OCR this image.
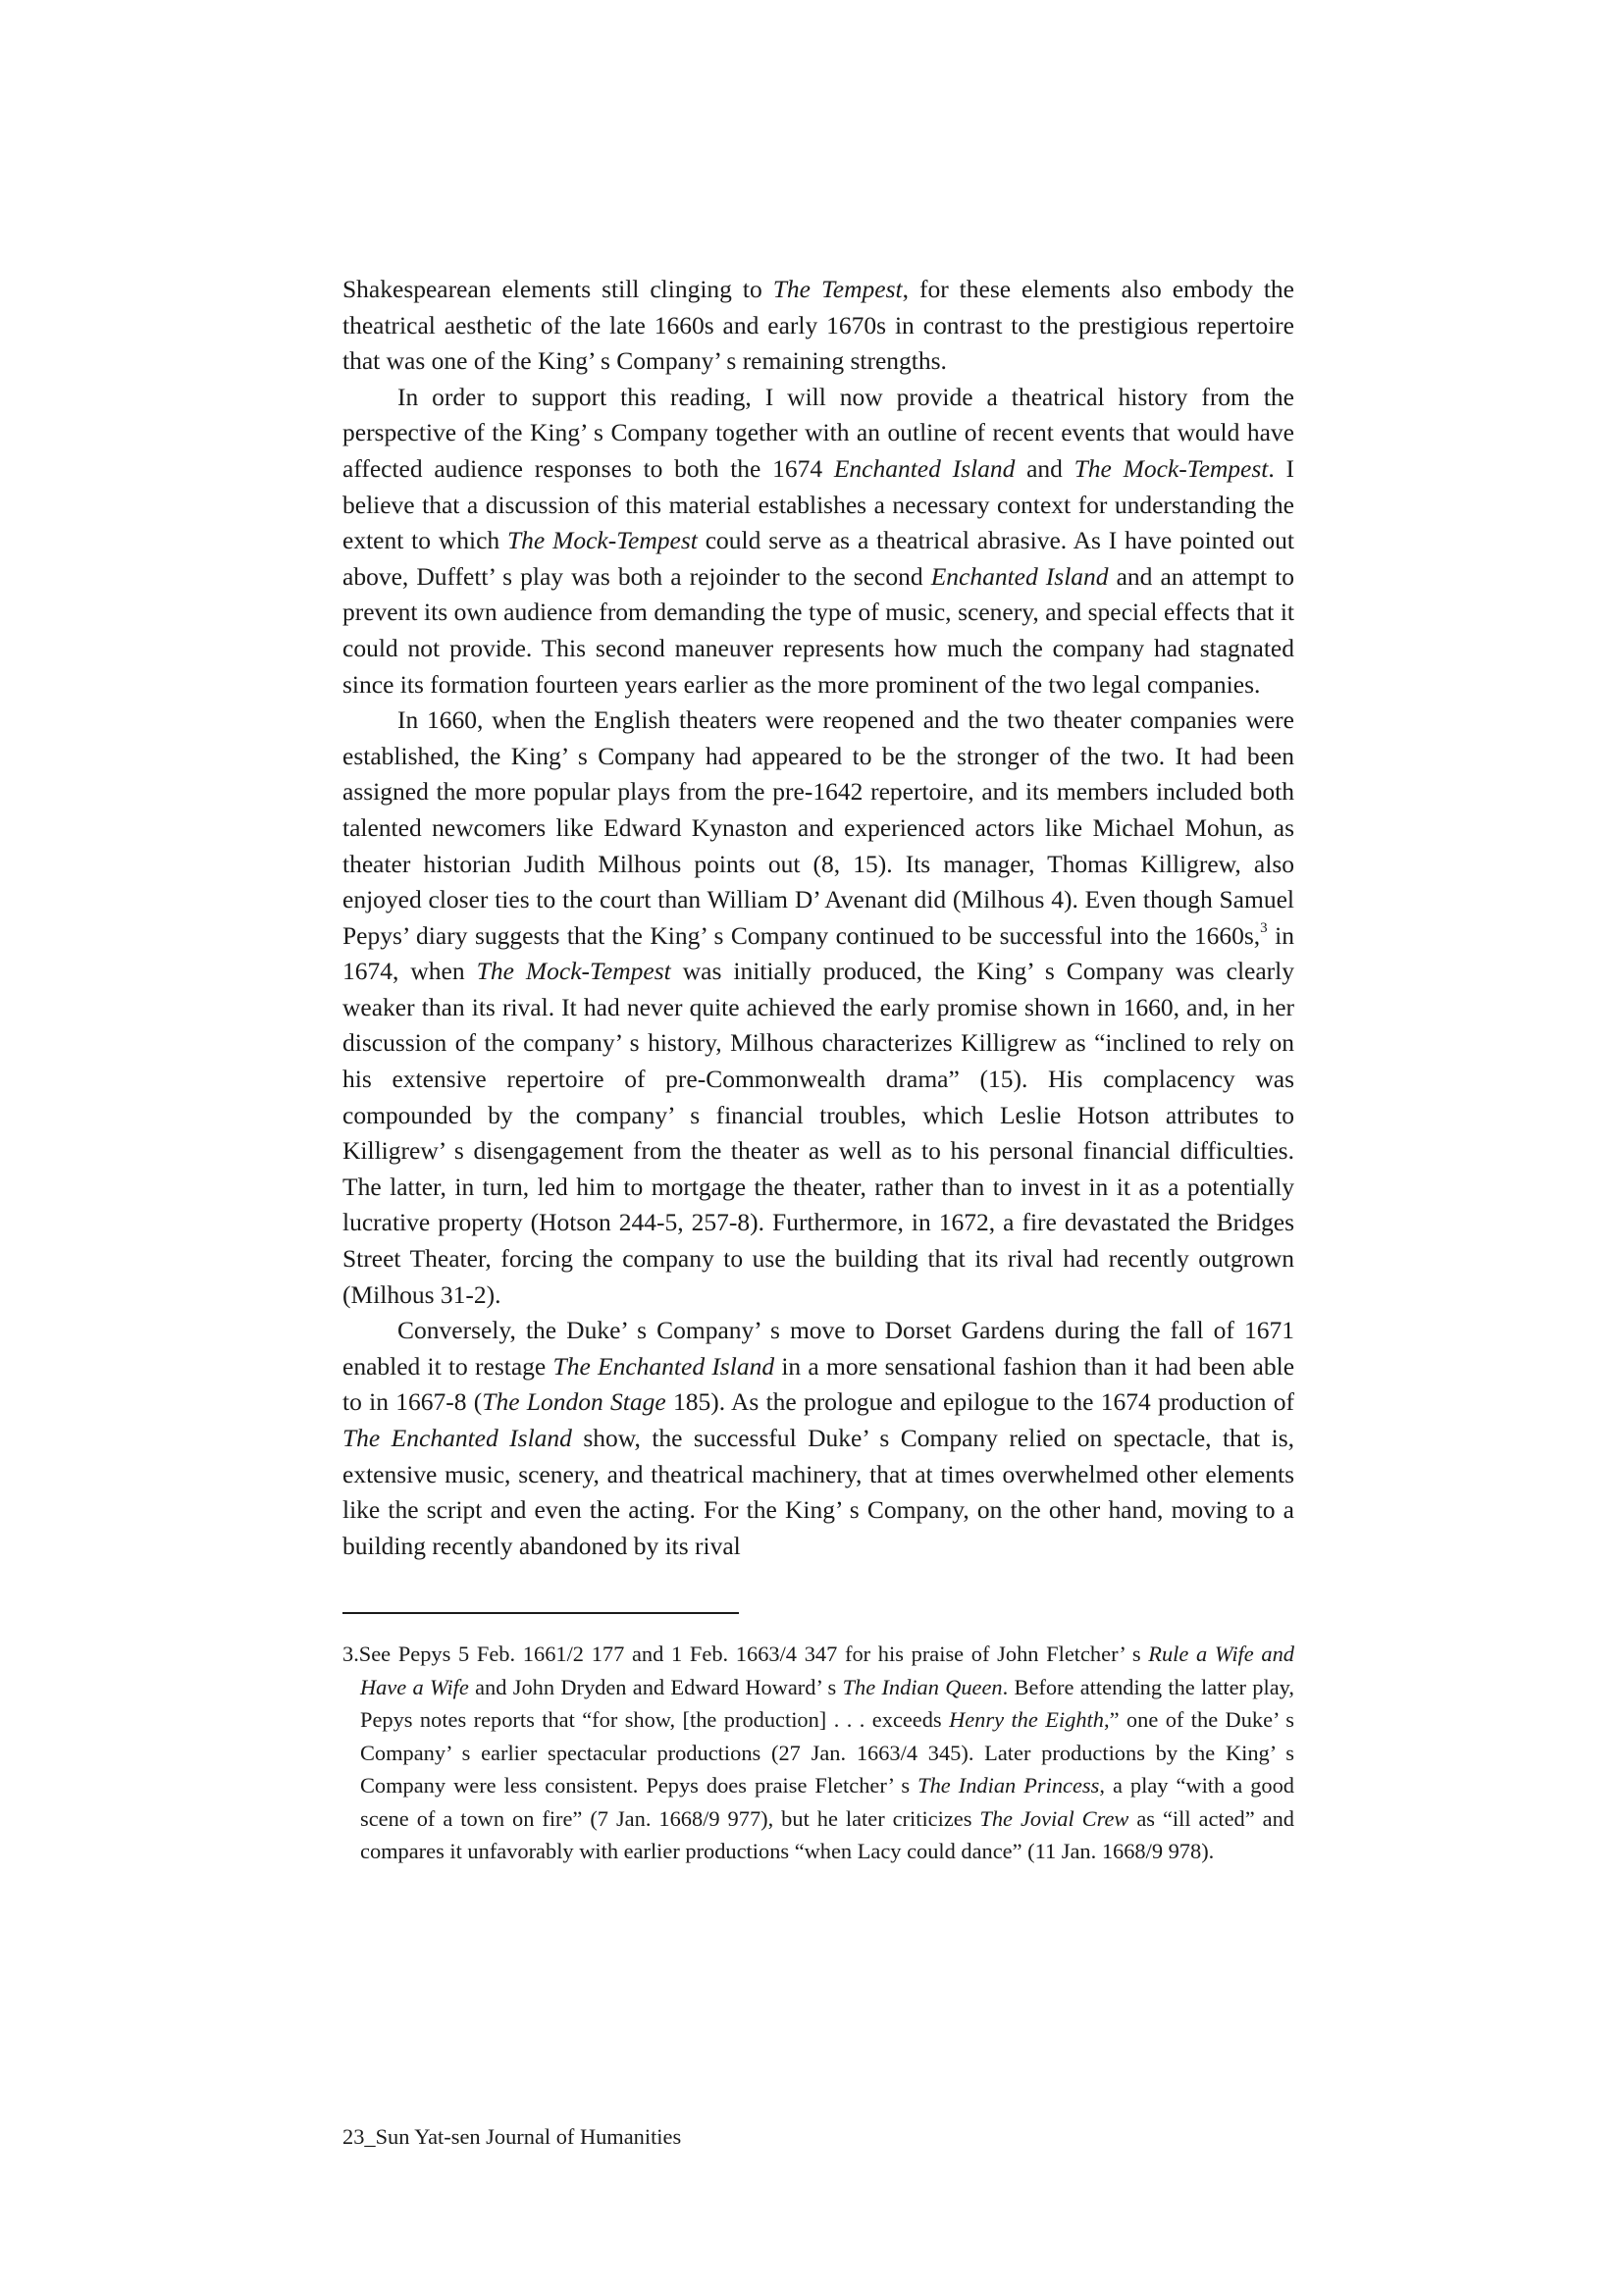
Shakespearean elements still clinging to The Tempest, for these elements also embody the theatrical aesthetic of the late 1660s and early 1670s in contrast to the prestigious repertoire that was one of the King’ s Company’ s remaining strengths.

In order to support this reading, I will now provide a theatrical history from the perspective of the King’ s Company together with an outline of recent events that would have affected audience responses to both the 1674 Enchanted Island and The Mock-Tempest. I believe that a discussion of this material establishes a necessary context for understanding the extent to which The Mock-Tempest could serve as a theatrical abrasive. As I have pointed out above, Duffett’ s play was both a rejoinder to the second Enchanted Island and an attempt to prevent its own audience from demanding the type of music, scenery, and special effects that it could not provide. This second maneuver represents how much the company had stagnated since its formation fourteen years earlier as the more prominent of the two legal companies.

In 1660, when the English theaters were reopened and the two theater companies were established, the King’ s Company had appeared to be the stronger of the two. It had been assigned the more popular plays from the pre-1642 repertoire, and its members included both talented newcomers like Edward Kynaston and experienced actors like Michael Mohun, as theater historian Judith Milhous points out (8, 15). Its manager, Thomas Killigrew, also enjoyed closer ties to the court than William D’ Avenant did (Milhous 4). Even though Samuel Pepys’ diary suggests that the King’ s Company continued to be successful into the 1660s,$^3$ in 1674, when The Mock-Tempest was initially produced, the King’ s Company was clearly weaker than its rival. It had never quite achieved the early promise shown in 1660, and, in her discussion of the company’ s history, Milhous characterizes Killigrew as “inclined to rely on his extensive repertoire of pre-Commonwealth drama” (15). His complacency was compounded by the company’ s financial troubles, which Leslie Hotson attributes to Killigrew’ s disengagement from the theater as well as to his personal financial difficulties. The latter, in turn, led him to mortgage the theater, rather than to invest in it as a potentially lucrative property (Hotson 244-5, 257-8). Furthermore, in 1672, a fire devastated the Bridges Street Theater, forcing the company to use the building that its rival had recently outgrown (Milhous 31-2).

Conversely, the Duke’ s Company’ s move to Dorset Gardens during the fall of 1671 enabled it to restage The Enchanted Island in a more sensational fashion than it had been able to in 1667-8 (The London Stage 185). As the prologue and epilogue to the 1674 production of The Enchanted Island show, the successful Duke’ s Company relied on spectacle, that is, extensive music, scenery, and theatrical machinery, that at times overwhelmed other elements like the script and even the acting. For the King’ s Company, on the other hand, moving to a building recently abandoned by its rival

3.See Pepys 5 Feb. 1661/2 177 and 1 Feb. 1663/4 347 for his praise of John Fletcher’ s Rule a Wife and Have a Wife and John Dryden and Edward Howard’ s The Indian Queen. Before attending the latter play, Pepys notes reports that “for show, [the production] . . . exceeds Henry the Eighth,” one of the Duke’ s Company’ s earlier spectacular productions (27 Jan. 1663/4 345). Later productions by the King’ s Company were less consistent. Pepys does praise Fletcher’ s The Indian Princess, a play “with a good scene of a town on fire” (7 Jan. 1668/9 977), but he later criticizes The Jovial Crew as “ill acted” and compares it unfavorably with earlier productions “when Lacy could dance” (11 Jan. 1668/9 978).
23_Sun Yat-sen Journal of Humanities
